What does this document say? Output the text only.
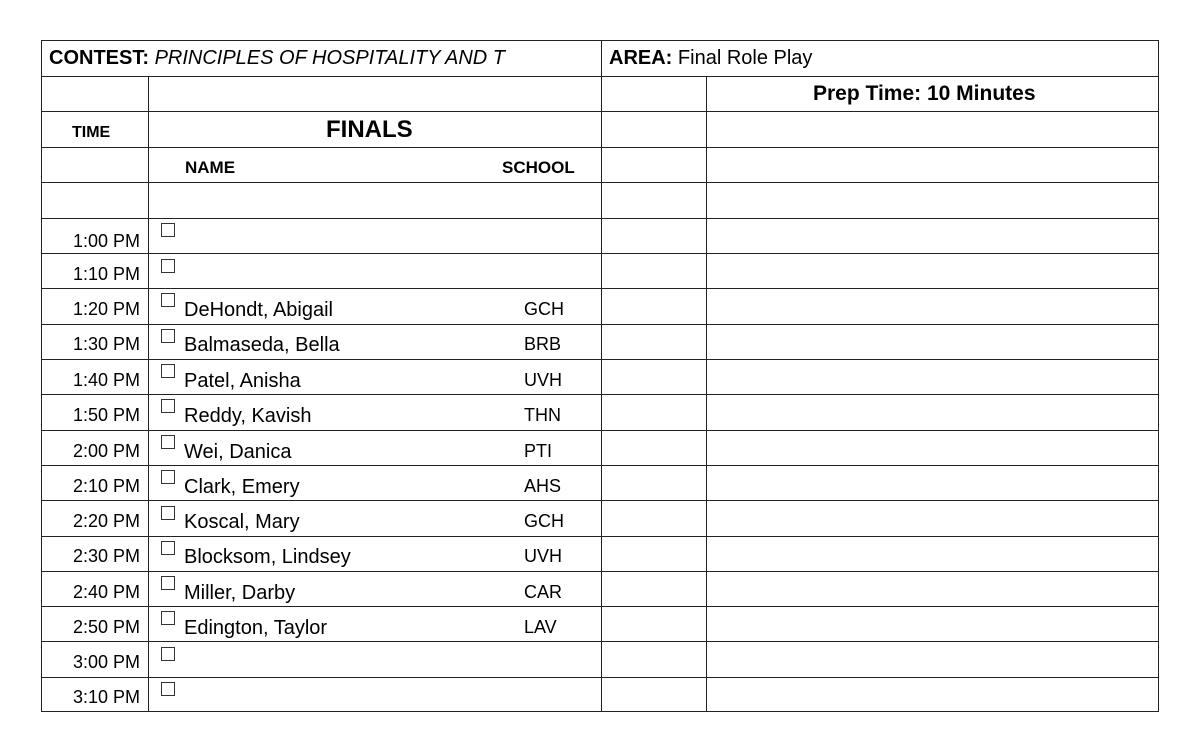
CONTEST: PRINCIPLES OF HOSPITALITY AND T	AREA: Final Role Play
Prep Time: 10 Minutes
TIME	FINALS
NAME	SCHOOL
1:00 PM
1:10 PM
1:20 PM DeHondt, Abigail	GCH
1:30 PM Balmaseda, Bella	BRB
1:40 PM Patel, Anisha	UVH
1:50 PM Reddy, Kavish	THN
2:00 PM Wei, Danica	PTI
2:10 PM Clark, Emery	AHS
2:20 PM Koscal, Mary	GCH
2:30 PM Blocksom, Lindsey	UVH
2:40 PM Miller, Darby	CAR
2:50 PM Edington, Taylor	LAV
3:00 PM
3:10 PM
